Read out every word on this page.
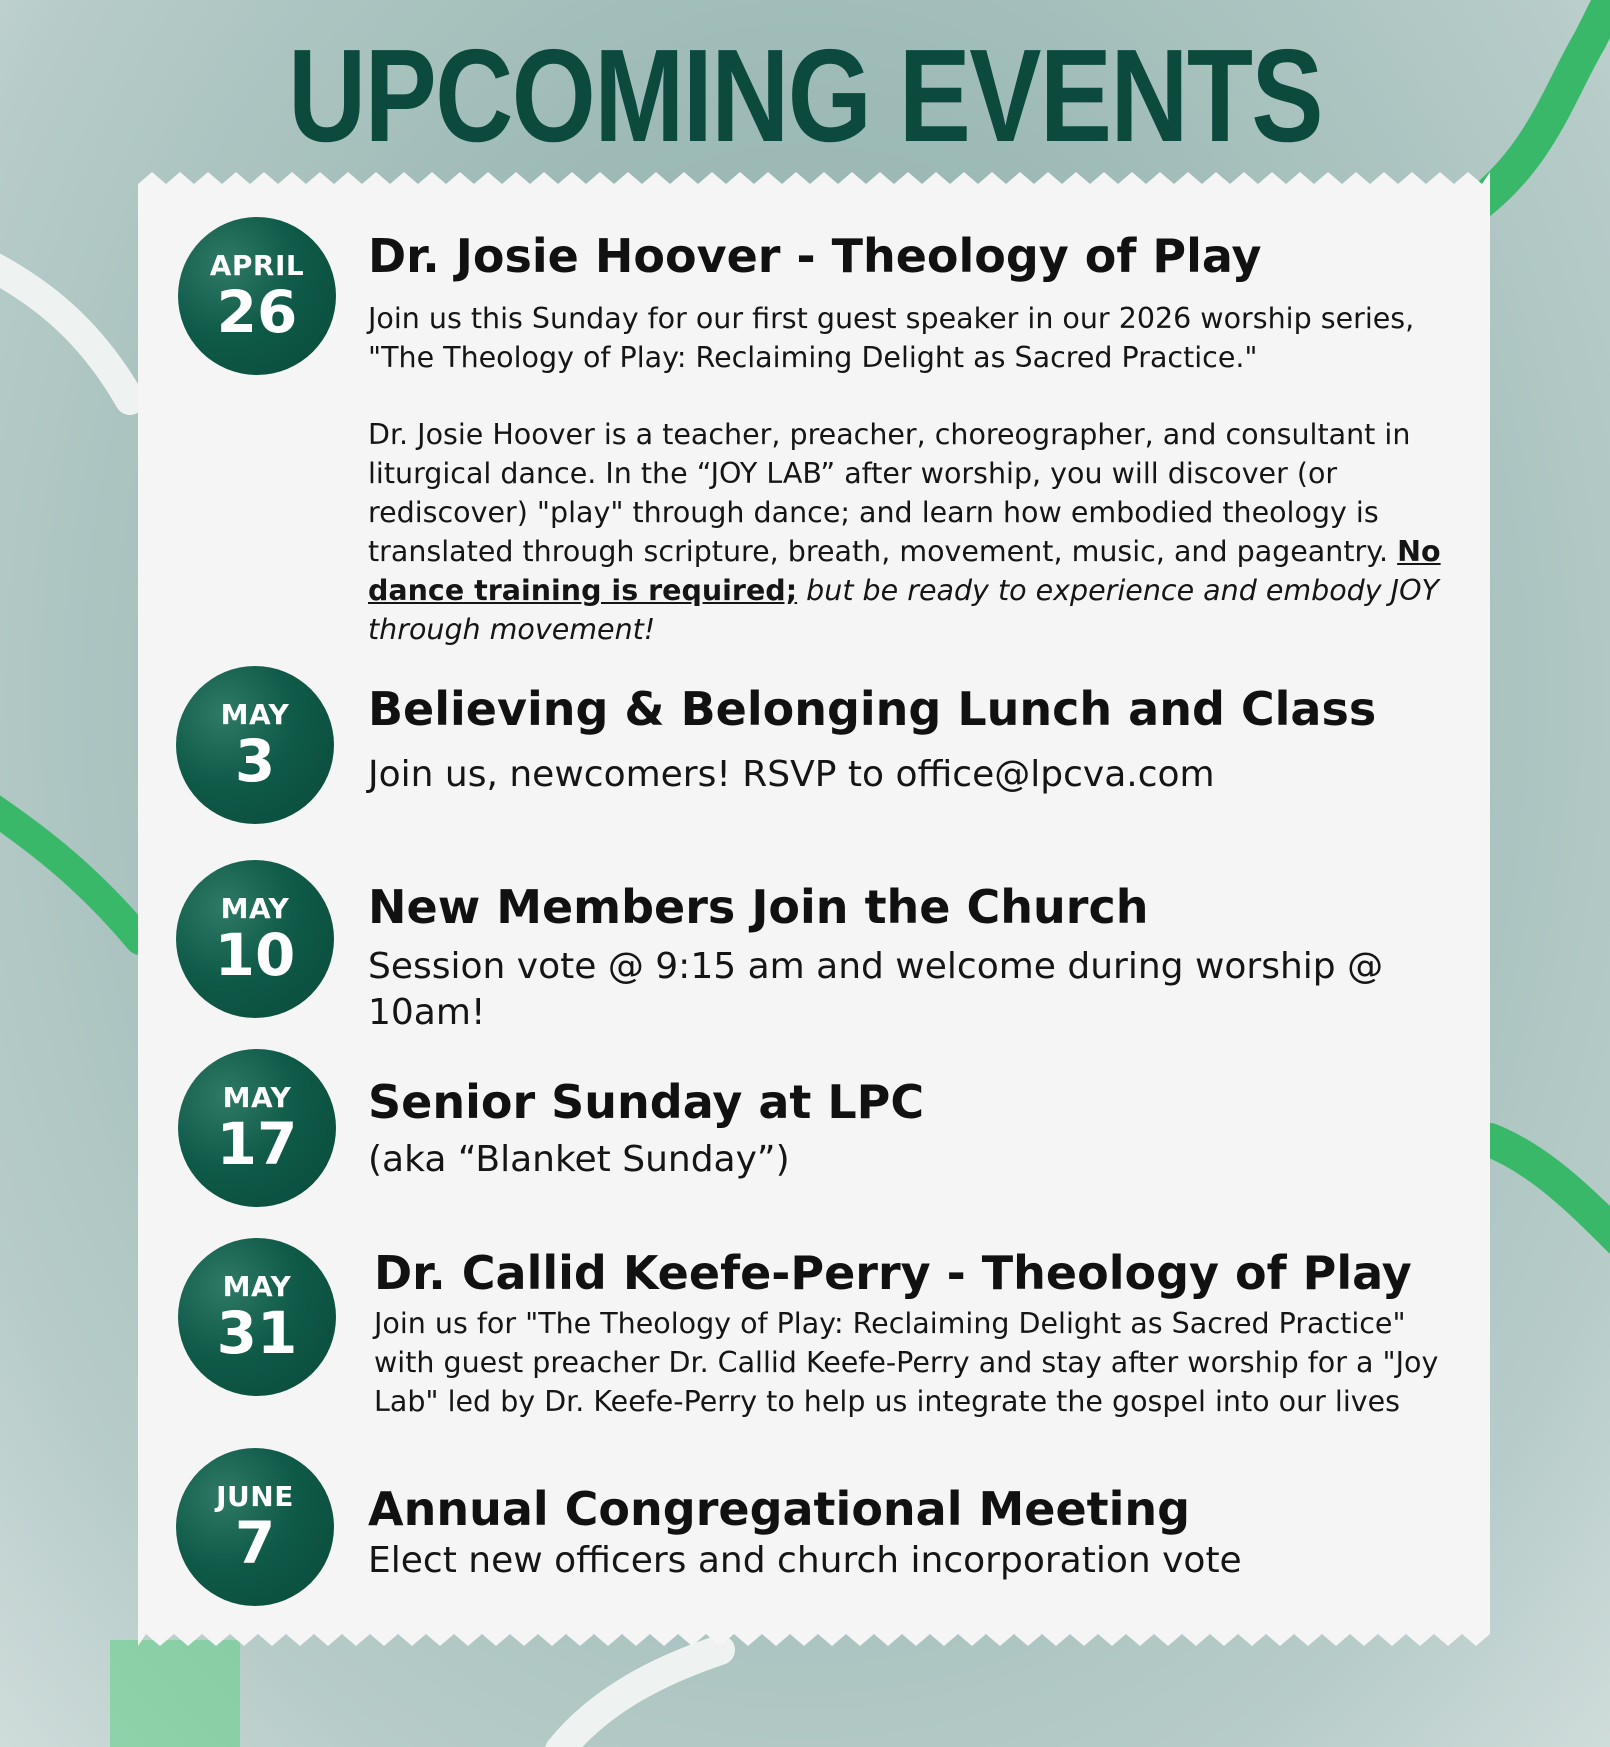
UPCOMING EVENTS
APRIL
26
Dr. Josie Hoover - Theology of Play

Join us this Sunday for our first guest speaker in our 2026 worship series, "The Theology of Play: Reclaiming Delight as Sacred Practice."

Dr. Josie Hoover is a teacher, preacher, choreographer, and consultant in liturgical dance. In the “JOY LAB” after worship, you will discover (or rediscover) "play" through dance; and learn how embodied theology is translated through scripture, breath, movement, music, and pageantry. No dance training is required; but be ready to experience and embody JOY through movement!

MAY
3
Believing & Belonging Lunch and Class

Join us, newcomers! RSVP to office@lpcva.com

MAY
10
New Members Join the Church

Session vote @ 9:15 am and welcome during worship @ 10am!

MAY
17
Senior Sunday at LPC

(aka “Blanket Sunday”)

MAY
31
Dr. Callid Keefe-Perry - Theology of Play

Join us for "The Theology of Play: Reclaiming Delight as Sacred Practice" with guest preacher Dr. Callid Keefe-Perry and stay after worship for a "Joy Lab" led by Dr. Keefe-Perry to help us integrate the gospel into our lives

JUNE
7	Annual Congregational Meeting

Elect new officers and church incorporation vote
